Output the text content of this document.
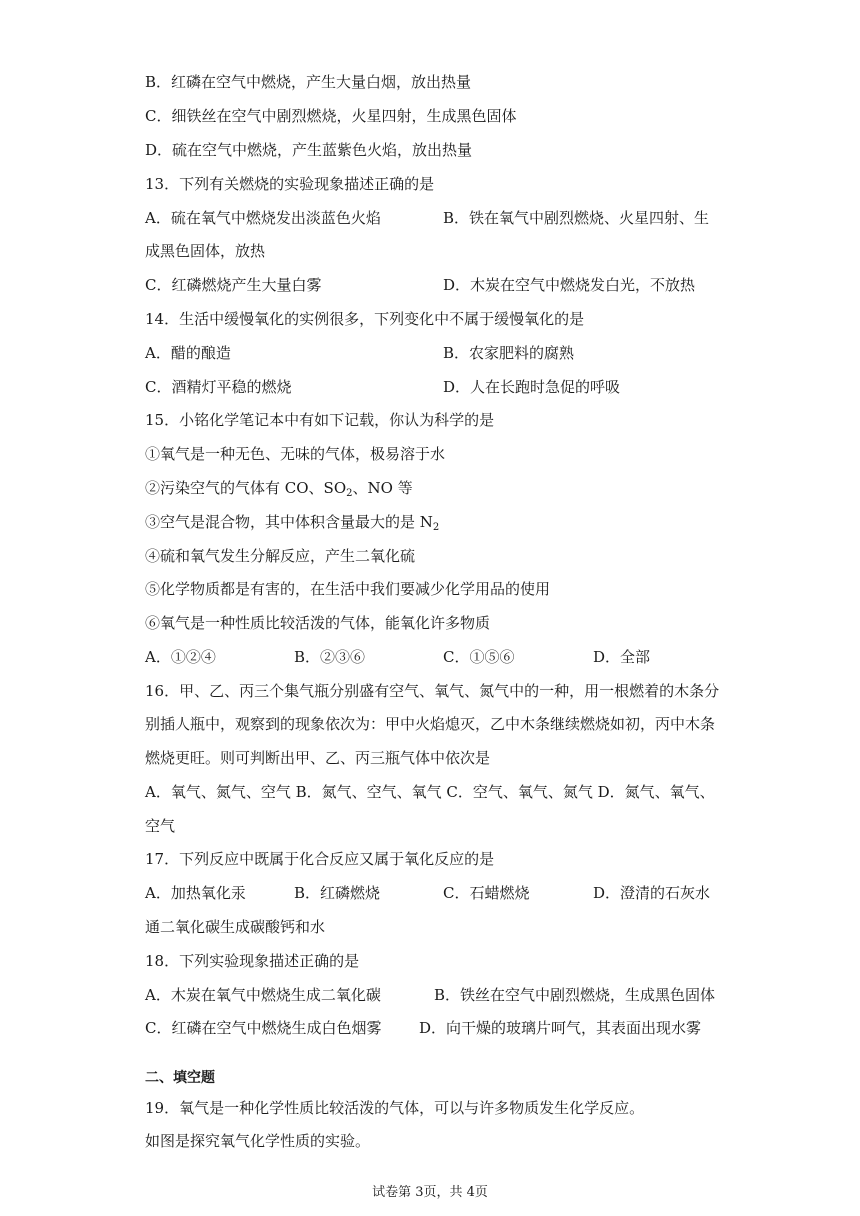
B．红磷在空气中燃烧，产生大量白烟，放出热量
C．细铁丝在空气中剧烈燃烧，火星四射，生成黑色固体
D．硫在空气中燃烧，产生蓝紫色火焰，放出热量
13．下列有关燃烧的实验现象描述正确的是
A．硫在氧气中燃烧发出淡蓝色火焰	B．铁在氧气中剧烈燃烧、火星四射、生
成黑色固体，放热
C．红磷燃烧产生大量白雾	D．木炭在空气中燃烧发白光，不放热
14．生活中缓慢氧化的实例很多，下列变化中不属于缓慢氧化的是
A．醋的酿造	B．农家肥料的腐熟
C．酒精灯平稳的燃烧	D．人在长跑时急促的呼吸
15．小铭化学笔记本中有如下记载，你认为科学的是
①氧气是一种无色、无味的气体，极易溶于水
②污染空气的气体有 CO、$SO_2$、NO 等
③空气是混合物，其中体积含量最大的是 $N_2$
④硫和氧气发生分解反应，产生二氧化硫
⑤化学物质都是有害的，在生活中我们要减少化学用品的使用
⑥氧气是一种性质比较活泼的气体，能氧化许多物质
A．①②④	B．②③⑥	C．①⑤⑥	D．全部
16．甲、乙、丙三个集气瓶分别盛有空气、氧气、氮气中的一种，用一根燃着的木条分
别插人瓶中，观察到的现象依次为：甲中火焰熄灭，乙中木条继续燃烧如初，丙中木条
燃烧更旺。则可判断出甲、乙、丙三瓶气体中依次是
A．氧气、氮气、空气 B．氮气、空气、氧气 C．空气、氧气、氮气 D．氮气、氧气、
空气
17．下列反应中既属于化合反应又属于氧化反应的是
A．加热氧化汞	B．红磷燃烧	C．石蜡燃烧	D．澄清的石灰水
通二氧化碳生成碳酸钙和水
18．下列实验现象描述正确的是
A．木炭在氧气中燃烧生成二氧化碳	B．铁丝在空气中剧烈燃烧，生成黑色固体
C．红磷在空气中燃烧生成白色烟雾	D．向干燥的玻璃片呵气，其表面出现水雾
二、填空题
19．氧气是一种化学性质比较活泼的气体，可以与许多物质发生化学反应。
如图是探究氧气化学性质的实验。
试卷第 3页，共 4页
